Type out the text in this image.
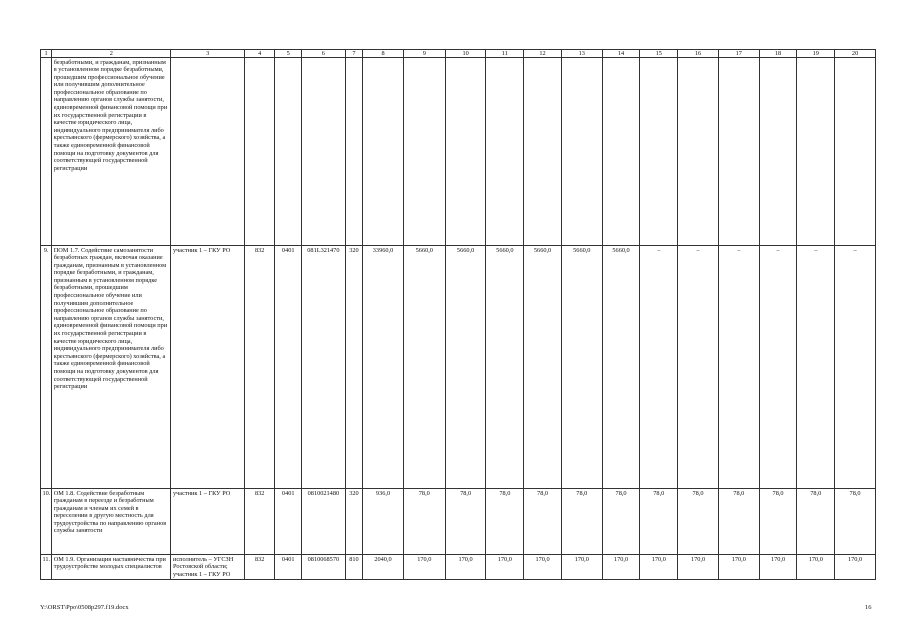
1	2	3	4	5	6	7	8	9	10	11	12	13	14	15	16	17	18	19	20
	безработными, и гражданам, признанным в установленном порядке безработными, прошедшим профессиональное обучение или получившим дополнительное профессиональное образование по направлению органов службы занятости, единовременной финансовой помощи при их государственной регистрации в качестве юридического лица, индивидуального предпринимателя либо крестьянского (фермерского) хозяйства, а также единовременной финансовой помощи на подготовку документов для соответствующей государственной регистрации																		
9.	ПОМ 1.7. Содействие самозанятости безработных граждан, включая оказание гражданам, признанным в установленном порядке безработными, и гражданам, признанным в установленном порядке безработными, прошедшим профессиональное обучение или получившим дополнительное профессиональное образование по направлению органов службы занятости, единовременной финансовой помощи при их государственной регистрации в качестве юридического лица, индивидуального предпринимателя либо крестьянского (фермерского) хозяйства, а также единовременной финансовой помощи на подготовку документов для соответствующей государственной регистрации	участник 1 – ГКУ РО	832	0401	081L321470	320	33960,0	5660,0	5660,0	5660,0	5660,0	5660,0	5660,0	–	–	–	–	–	–
10.	ОМ 1.8. Содействие безработным гражданам в переезде и безработным гражданам и членам их семей в переселении в другую местность для трудоустройства по направлению органов службы занятости	участник 1 – ГКУ РО	832	0401	0810021480	320	936,0	78,0	78,0	78,0	78,0	78,0	78,0	78,0	78,0	78,0	78,0	78,0	78,0
11.	ОМ 1.9. Организация наставничества при трудоустройстве молодых специалистов	исполнитель – УГСЗН Ростовской области; участник 1 – ГКУ РО	832	0401	0810068570	810	2040,0	170,0	170,0	170,0	170,0	170,0	170,0	170,0	170,0	170,0	170,0	170,0	170,0
Y:\ORST\Ppo\0508p297.f19.docx	16
